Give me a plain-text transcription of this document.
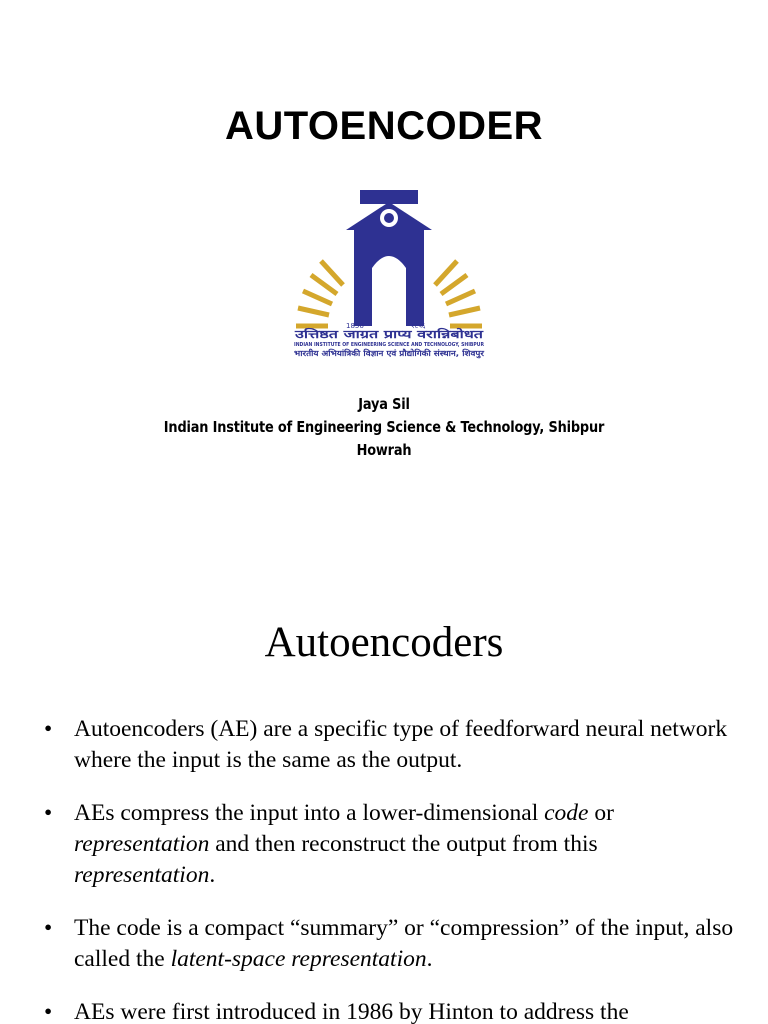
AUTOENCODER
1856	१८५६
उत्तिष्ठत जाग्रत प्राप्य वरान्निबोधत
INDIAN INSTITUTE OF ENGINEERING SCIENCE AND TECHNOLOGY, SHIBPUR
भारतीय अभियांत्रिकी विज्ञान एवं प्रौद्योगिकी संस्थान, शिवपुर
Jaya Sil
Indian Institute of Engineering Science & Technology, Shibpur
Howrah
Autoencoders
• Autoencoders (AE) are a specific type of feedforward neural network where the input is the same as the output.
• AEs compress the input into a lower-dimensional code or representation and then reconstruct the output from this representation.
• The code is a compact “summary” or “compression” of the input, also called the latent-space representation.
• AEs were first introduced in 1986 by Hinton to address the
